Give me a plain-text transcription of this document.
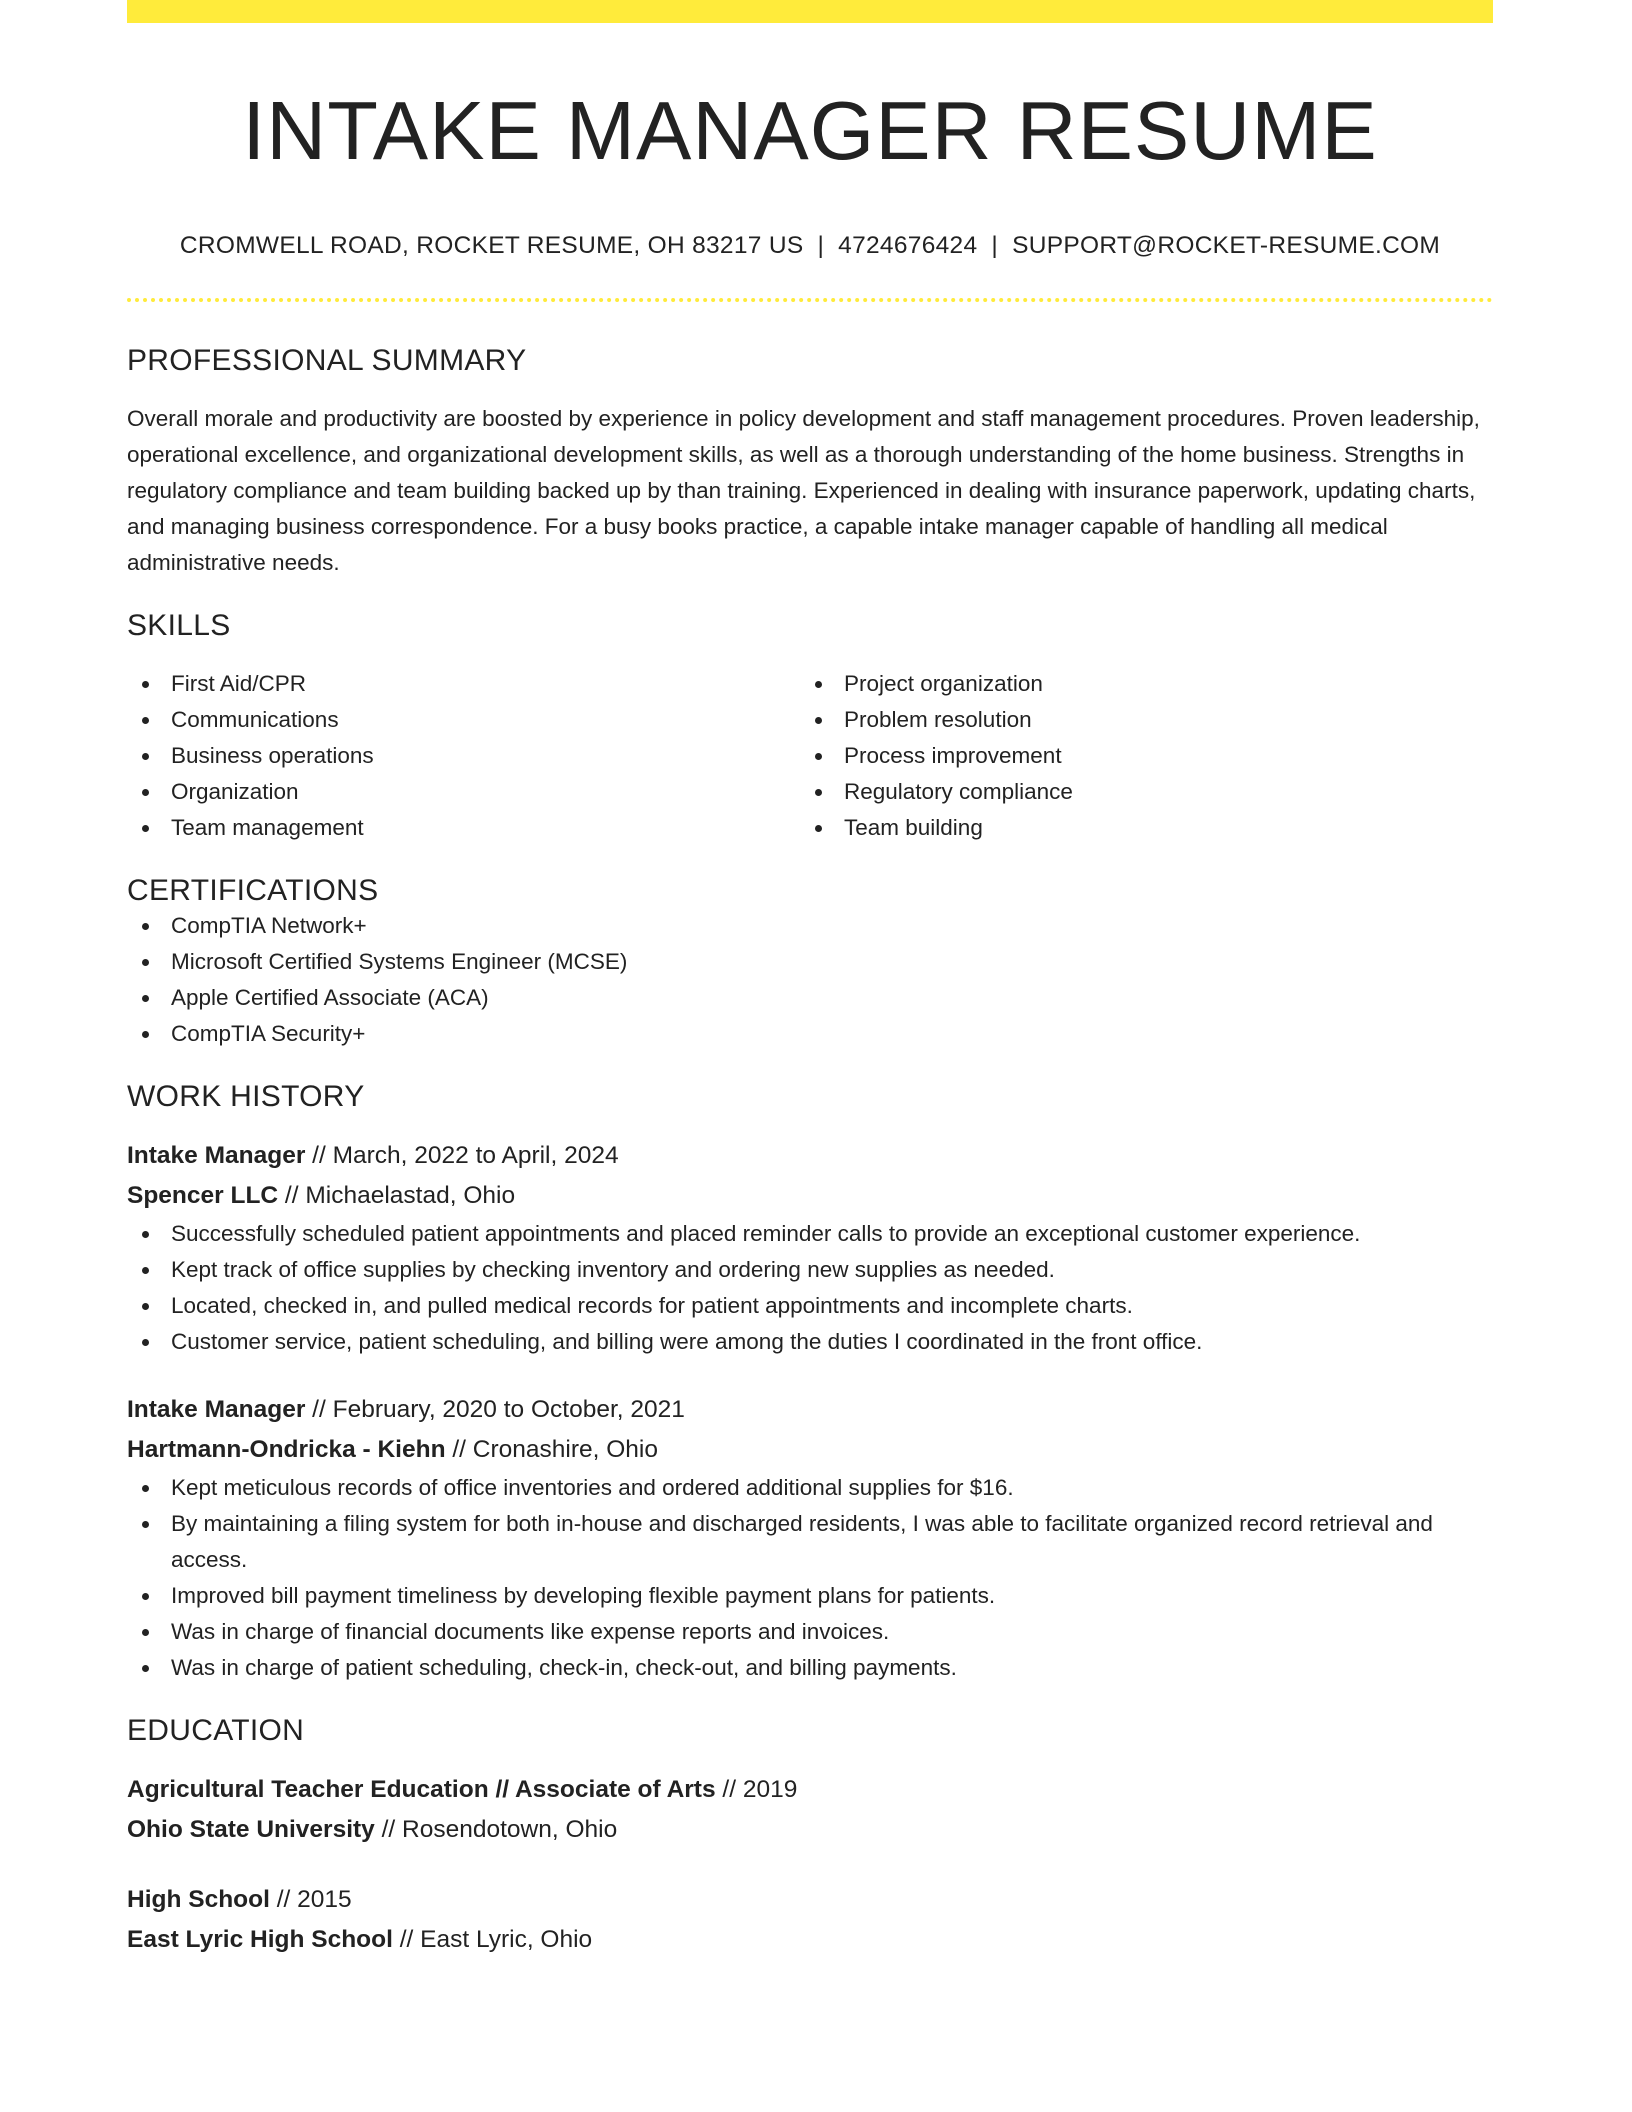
INTAKE MANAGER RESUME
CROMWELL ROAD, ROCKET RESUME, OH 83217 US | 4724676424 | SUPPORT@ROCKET-RESUME.COM
PROFESSIONAL SUMMARY

Overall morale and productivity are boosted by experience in policy development and staff management procedures. Proven leadership, operational excellence, and organizational development skills, as well as a thorough understanding of the home business. Strengths in regulatory compliance and team building backed up by than training. Experienced in dealing with insurance paperwork, updating charts, and managing business correspondence. For a busy books practice, a capable intake manager capable of handling all medical administrative needs.

SKILLS
First Aid/CPR
Communications
Business operations
Organization
Team management
Project organization
Problem resolution
Process improvement
Regulatory compliance
Team building
CERTIFICATIONS
CompTIA Network+
Microsoft Certified Systems Engineer (MCSE)
Apple Certified Associate (ACA)
CompTIA Security+
WORK HISTORY
Intake Manager // March, 2022 to April, 2024
Spencer LLC // Michaelastad, Ohio
Successfully scheduled patient appointments and placed reminder calls to provide an exceptional customer experience.
Kept track of office supplies by checking inventory and ordering new supplies as needed.
Located, checked in, and pulled medical records for patient appointments and incomplete charts.
Customer service, patient scheduling, and billing were among the duties I coordinated in the front office.
Intake Manager // February, 2020 to October, 2021
Hartmann-Ondricka - Kiehn // Cronashire, Ohio
Kept meticulous records of office inventories and ordered additional supplies for $16.
By maintaining a filing system for both in-house and discharged residents, I was able to facilitate organized record retrieval and access.
Improved bill payment timeliness by developing flexible payment plans for patients.
Was in charge of financial documents like expense reports and invoices.
Was in charge of patient scheduling, check-in, check-out, and billing payments.
EDUCATION
Agricultural Teacher Education // Associate of Arts // 2019
Ohio State University // Rosendotown, Ohio
High School // 2015
East Lyric High School // East Lyric, Ohio
